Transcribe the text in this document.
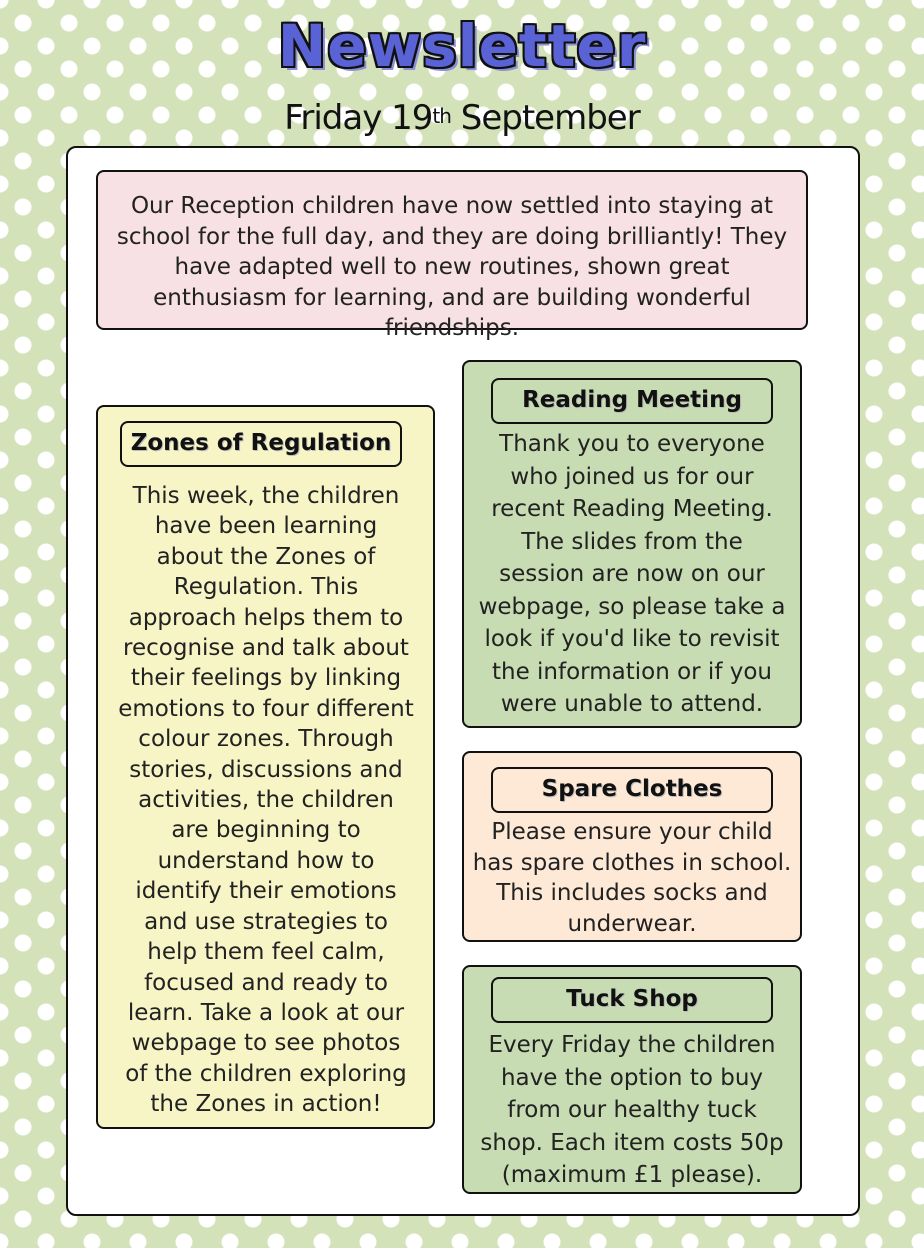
Newsletter
Friday 19th September
Our Reception children have now settled into staying at school for the full day, and they are doing brilliantly! They have adapted well to new routines, shown great enthusiasm for learning, and are building wonderful friendships.
Zones of Regulation
This week, the children have been learning about the Zones of Regulation. This approach helps them to recognise and talk about their feelings by linking emotions to four different colour zones. Through stories, discussions and activities, the children are beginning to understand how to identify their emotions and use strategies to help them feel calm, focused and ready to learn. Take a look at our webpage to see photos of the children exploring the Zones in action!
Reading Meeting
Thank you to everyone who joined us for our recent Reading Meeting. The slides from the session are now on our webpage, so please take a look if you'd like to revisit the information or if you were unable to attend.
Spare Clothes
Please ensure your child has spare clothes in school. This includes socks and underwear.
Tuck Shop
Every Friday the children have the option to buy from our healthy tuck shop. Each item costs 50p (maximum £1 please).
